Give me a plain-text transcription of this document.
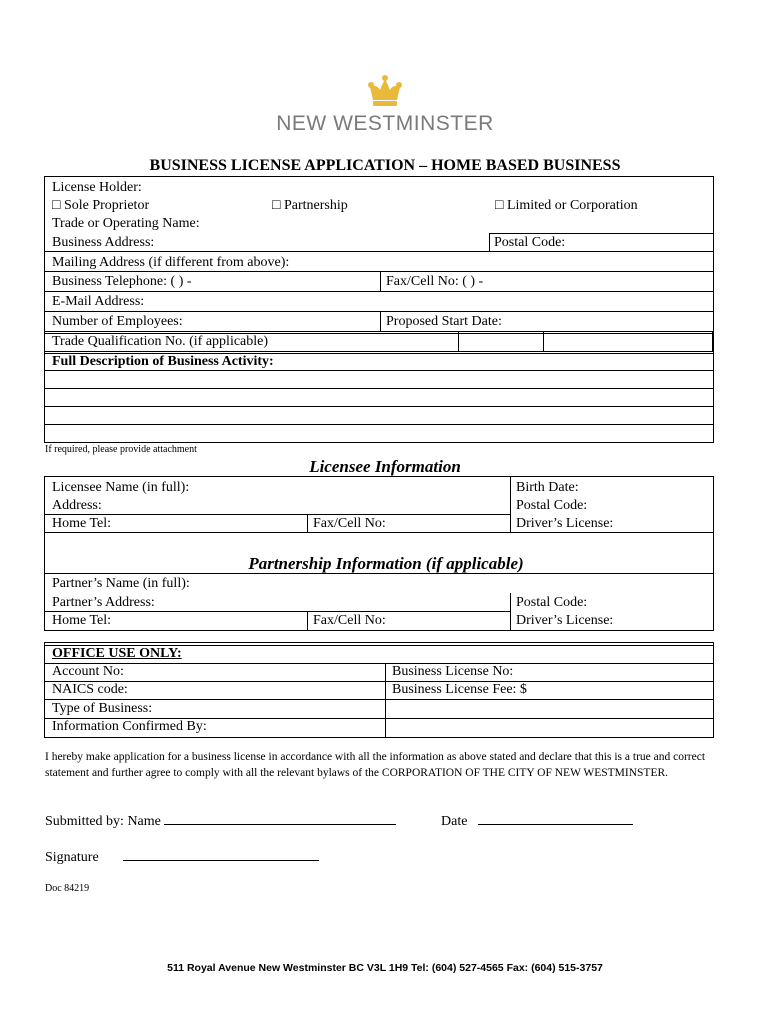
NEW WESTMINSTER
BUSINESS LICENSE APPLICATION – HOME BASED BUSINESS
License Holder:
□ Sole Proprietor	□ Partnership	□ Limited or Corporation
Trade or Operating Name:
Business Address:	Postal Code:
Mailing Address (if different from above):
Business Telephone: ( ) -	Fax/Cell No: ( ) -
E-Mail Address:
Number of Employees:	Proposed Start Date:
Trade Qualification No. (if applicable)
Full Description of Business Activity:
If required, please provide attachment
Licensee Information
Licensee Name (in full):	Birth Date:
Address:	Postal Code:
Home Tel:	Fax/Cell No:	Driver’s License:
Partnership Information (if applicable)
Partner’s Name (in full):
Partner’s Address:	Postal Code:
Home Tel:	Fax/Cell No:	Driver’s License:
OFFICE USE ONLY:
Account No:	Business License No:
NAICS code:	Business License Fee: $
Type of Business:
Information Confirmed By:
I hereby make application for a business license in accordance with all the information as above stated and declare that this is a true and correct statement and further agree to comply with all the relevant bylaws of the CORPORATION OF THE CITY OF NEW WESTMINSTER.
Submitted by: Name	Date
Signature
Doc 84219
511 Royal Avenue New Westminster BC V3L 1H9 Tel: (604) 527-4565 Fax: (604) 515-3757
